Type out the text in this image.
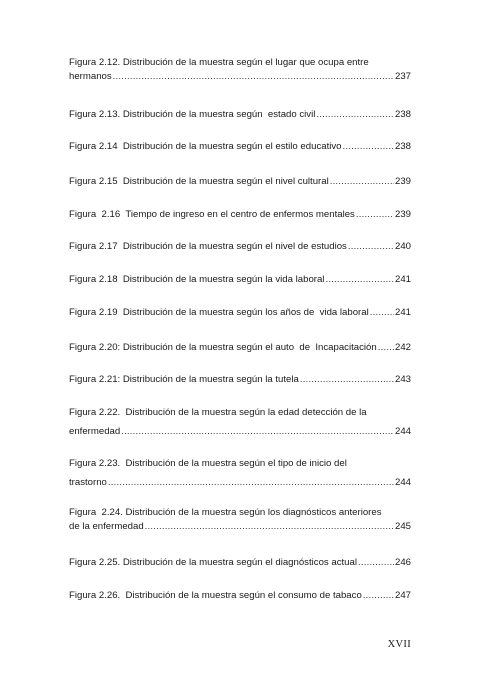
Figura 2.12. Distribución de la muestra según el lugar que ocupa entre
hermanos .....	237
Figura 2.13. Distribución de la muestra según  estado civil .....	238
Figura 2.14  Distribución de la muestra según el estilo educativo .....	238
Figura 2.15  Distribución de la muestra según el nivel cultural .....	239
Figura  2.16  Tiempo de ingreso en el centro de enfermos mentales .....	239
Figura 2.17  Distribución de la muestra según el nivel de estudios .....	240
Figura 2.18  Distribución de la muestra según la vida laboral .....	241
Figura 2.19  Distribución de la muestra según los años de  vida laboral .....	241
Figura 2.20: Distribución de la muestra según el auto  de  Incapacitación ..... 242
Figura 2.21: Distribución de la muestra según la tutela .....	243
Figura 2.22.  Distribución de la muestra según la edad detección de la
enfermedad .....	244
Figura 2.23.  Distribución de la muestra según el tipo de inicio del
trastorno .....	244
Figura  2.24. Distribución de la muestra según los diagnósticos anteriores
de la enfermedad .....	245
Figura 2.25. Distribución de la muestra según el diagnósticos actual .....	246
Figura 2.26.  Distribución de la muestra según el consumo de tabaco .....	247
XVII
